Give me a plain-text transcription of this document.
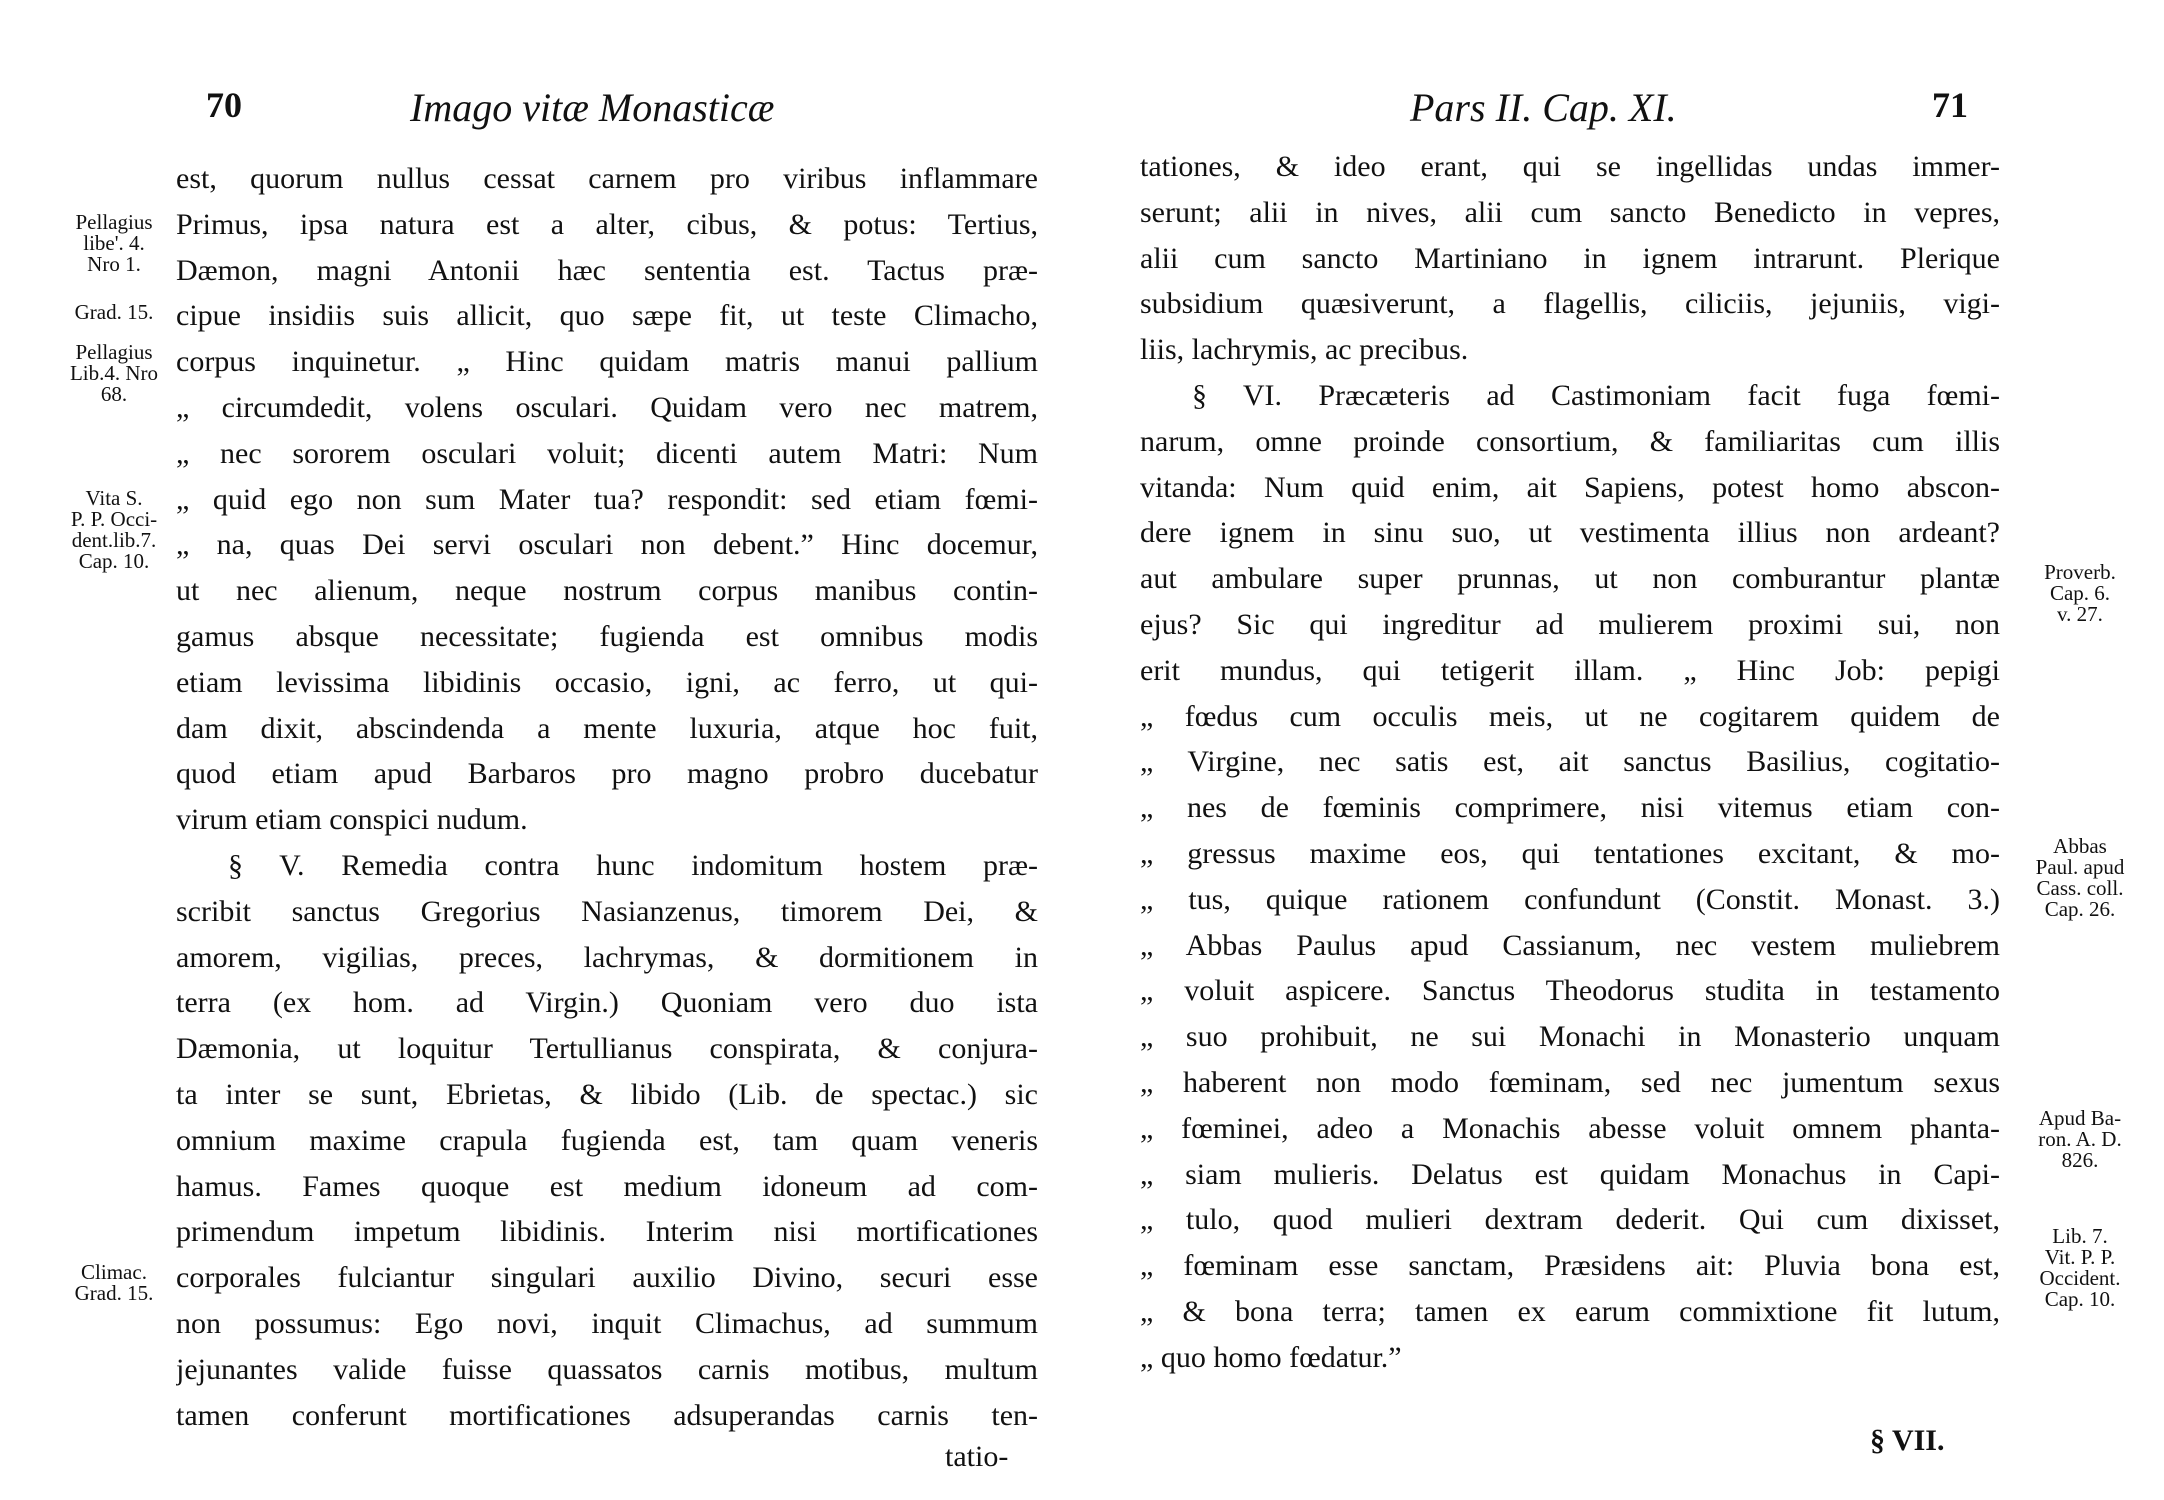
70	Imago vitæ Monasticæ
est, quorum nullus cessat carnem pro viribus inflammare
Primus, ipsa natura est a alter, cibus, & potus: Tertius,
Dæmon, magni Antonii hæc sententia est. Tactus præ-
cipue insidiis suis allicit, quo sæpe fit, ut teste Climacho,
corpus inquinetur. „ Hinc quidam matris manui pallium
„ circumdedit, volens osculari. Quidam vero nec matrem,
„ nec sororem osculari voluit; dicenti autem Matri: Num
„ quid ego non sum Mater tua? respondit: sed etiam fœmi-
„ na, quas Dei servi osculari non debent.” Hinc docemur,
ut nec alienum, neque nostrum corpus manibus contin-
gamus absque necessitate; fugienda est omnibus modis
etiam levissima libidinis occasio, igni, ac ferro, ut qui-
dam dixit, abscindenda a mente luxuria, atque hoc fuit,
quod etiam apud Barbaros pro magno probro ducebatur
virum etiam conspici nudum.
§ V. Remedia contra hunc indomitum hostem præ-
scribit sanctus Gregorius Nasianzenus, timorem Dei, &
amorem, vigilias, preces, lachrymas, & dormitionem in
terra (ex hom. ad Virgin.) Quoniam vero duo ista
Dæmonia, ut loquitur Tertullianus conspirata, & conjura-
ta inter se sunt, Ebrietas, & libido (Lib. de spectac.) sic
omnium maxime crapula fugienda est, tam quam veneris
hamus. Fames quoque est medium idoneum ad com-
primendum impetum libidinis. Interim nisi mortificationes
corporales fulciantur singulari auxilio Divino, securi esse
non possumus: Ego novi, inquit Climachus, ad summum
jejunantes valide fuisse quassatos carnis motibus, multum
tamen conferunt mortificationes adsuperandas carnis ten-
tatio-
Pellagius
libe'. 4.
Nro 1.
Grad. 15.
Pellagius
Lib.4. Nro
68.
Vita S.
P. P. Occi-
dent.lib.7.
Cap. 10.
Climac.
Grad. 15.
Pars II. Cap. XI.	71
tationes, & ideo erant, qui se ingellidas undas immer-
serunt; alii in nives, alii cum sancto Benedicto in vepres,
alii cum sancto Martiniano in ignem intrarunt. Plerique
subsidium quæsiverunt, a flagellis, ciliciis, jejuniis, vigi-
liis, lachrymis, ac precibus.
§ VI. Præcæteris ad Castimoniam facit fuga fœmi-
narum, omne proinde consortium, & familiaritas cum illis
vitanda: Num quid enim, ait Sapiens, potest homo abscon-
dere ignem in sinu suo, ut vestimenta illius non ardeant?
aut ambulare super prunnas, ut non comburantur plantæ
ejus? Sic qui ingreditur ad mulierem proximi sui, non
erit mundus, qui tetigerit illam. „ Hinc Job: pepigi
„ fœdus cum occulis meis, ut ne cogitarem quidem de
„ Virgine, nec satis est, ait sanctus Basilius, cogitatio-
„ nes de fœminis comprimere, nisi vitemus etiam con-
„ gressus maxime eos, qui tentationes excitant, & mo-
„ tus, quique rationem confundunt (Constit. Monast. 3.)
„ Abbas Paulus apud Cassianum, nec vestem muliebrem
„ voluit aspicere. Sanctus Theodorus studita in testamento
„ suo prohibuit, ne sui Monachi in Monasterio unquam
„ haberent non modo fœminam, sed nec jumentum sexus
„ fœminei, adeo a Monachis abesse voluit omnem phanta-
„ siam mulieris. Delatus est quidam Monachus in Capi-
„ tulo, quod mulieri dextram dederit. Qui cum dixisset,
„ fœminam esse sanctam, Præsidens ait: Pluvia bona est,
„ & bona terra; tamen ex earum commixtione fit lutum,
„ quo homo fœdatur.”
§ VII.
Proverb.
Cap. 6.
v. 27.
Abbas
Paul. apud
Cass. coll.
Cap. 26.
Apud Ba-
ron. A. D.
826.
Lib. 7.
Vit. P. P.
Occident.
Cap. 10.
